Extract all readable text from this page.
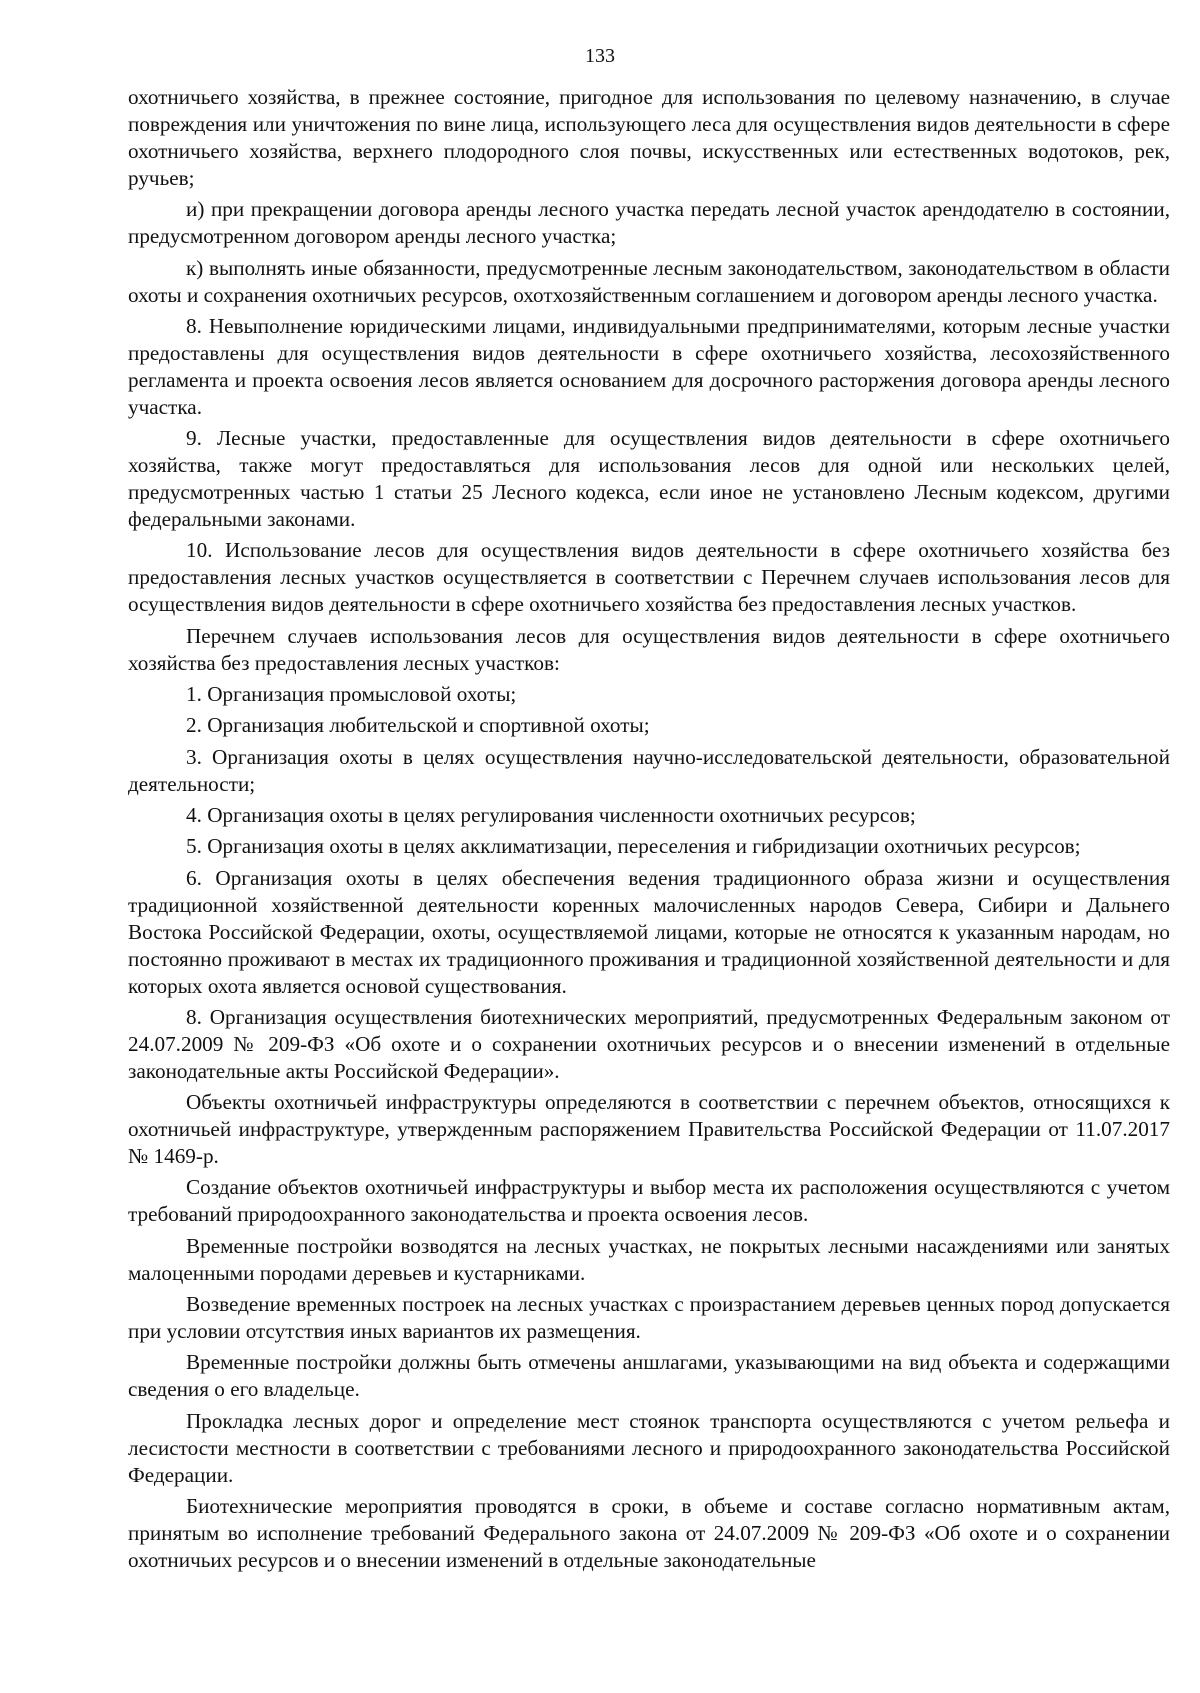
133

охотничьего хозяйства, в прежнее состояние, пригодное для использования по целевому назначению, в случае повреждения или уничтожения по вине лица, использующего леса для осуществления видов деятельности в сфере охотничьего хозяйства, верхнего плодородного слоя почвы, искусственных или естественных водотоков, рек, ручьев;

и) при прекращении договора аренды лесного участка передать лесной участок арендодателю в состоянии, предусмотренном договором аренды лесного участка;

к) выполнять иные обязанности, предусмотренные лесным законодательством, законодательством в области охоты и сохранения охотничьих ресурсов, охотхозяйственным соглашением и договором аренды лесного участка.

8. Невыполнение юридическими лицами, индивидуальными предпринимателями, которым лесные участки предоставлены для осуществления видов деятельности в сфере охотничьего хозяйства, лесохозяйственного регламента и проекта освоения лесов является основанием для досрочного расторжения договора аренды лесного участка.

9. Лесные участки, предоставленные для осуществления видов деятельности в сфере охотничьего хозяйства, также могут предоставляться для использования лесов для одной или нескольких целей, предусмотренных частью 1 статьи 25 Лесного кодекса, если иное не установлено Лесным кодексом, другими федеральными законами.

10. Использование лесов для осуществления видов деятельности в сфере охотничьего хозяйства без предоставления лесных участков осуществляется в соответствии с Перечнем случаев использования лесов для осуществления видов деятельности в сфере охотничьего хозяйства без предоставления лесных участков.

Перечнем случаев использования лесов для осуществления видов деятельности в сфере охотничьего хозяйства без предоставления лесных участков:

1. Организация промысловой охоты;

2. Организация любительской и спортивной охоты;

3. Организация охоты в целях осуществления научно-исследовательской деятельности, образовательной деятельности;

4. Организация охоты в целях регулирования численности охотничьих ресурсов;

5. Организация охоты в целях акклиматизации, переселения и гибридизации охотничьих ресурсов;

6. Организация охоты в целях обеспечения ведения традиционного образа жизни и осуществления традиционной хозяйственной деятельности коренных малочисленных народов Севера, Сибири и Дальнего Востока Российской Федерации, охоты, осуществляемой лицами, которые не относятся к указанным народам, но постоянно проживают в местах их традиционного проживания и традиционной хозяйственной деятельности и для которых охота является основой существования.

8. Организация осуществления биотехнических мероприятий, предусмотренных Федеральным законом от 24.07.2009 № 209-ФЗ «Об охоте и о сохранении охотничьих ресурсов и о внесении изменений в отдельные законодательные акты Российской Федерации».

Объекты охотничьей инфраструктуры определяются в соответствии с перечнем объектов, относящихся к охотничьей инфраструктуре, утвержденным распоряжением Правительства Российской Федерации от 11.07.2017 № 1469-р.

Создание объектов охотничьей инфраструктуры и выбор места их расположения осуществляются с учетом требований природоохранного законодательства и проекта освоения лесов.

Временные постройки возводятся на лесных участках, не покрытых лесными насаждениями или занятых малоценными породами деревьев и кустарниками.

Возведение временных построек на лесных участках с произрастанием деревьев ценных пород допускается при условии отсутствия иных вариантов их размещения.

Временные постройки должны быть отмечены аншлагами, указывающими на вид объекта и содержащими сведения о его владельце.

Прокладка лесных дорог и определение мест стоянок транспорта осуществляются с учетом рельефа и лесистости местности в соответствии с требованиями лесного и природоохранного законодательства Российской Федерации.

Биотехнические мероприятия проводятся в сроки, в объеме и составе согласно нормативным актам, принятым во исполнение требований Федерального закона от 24.07.2009 № 209-ФЗ «Об охоте и о сохранении охотничьих ресурсов и о внесении изменений в отдельные законодательные
